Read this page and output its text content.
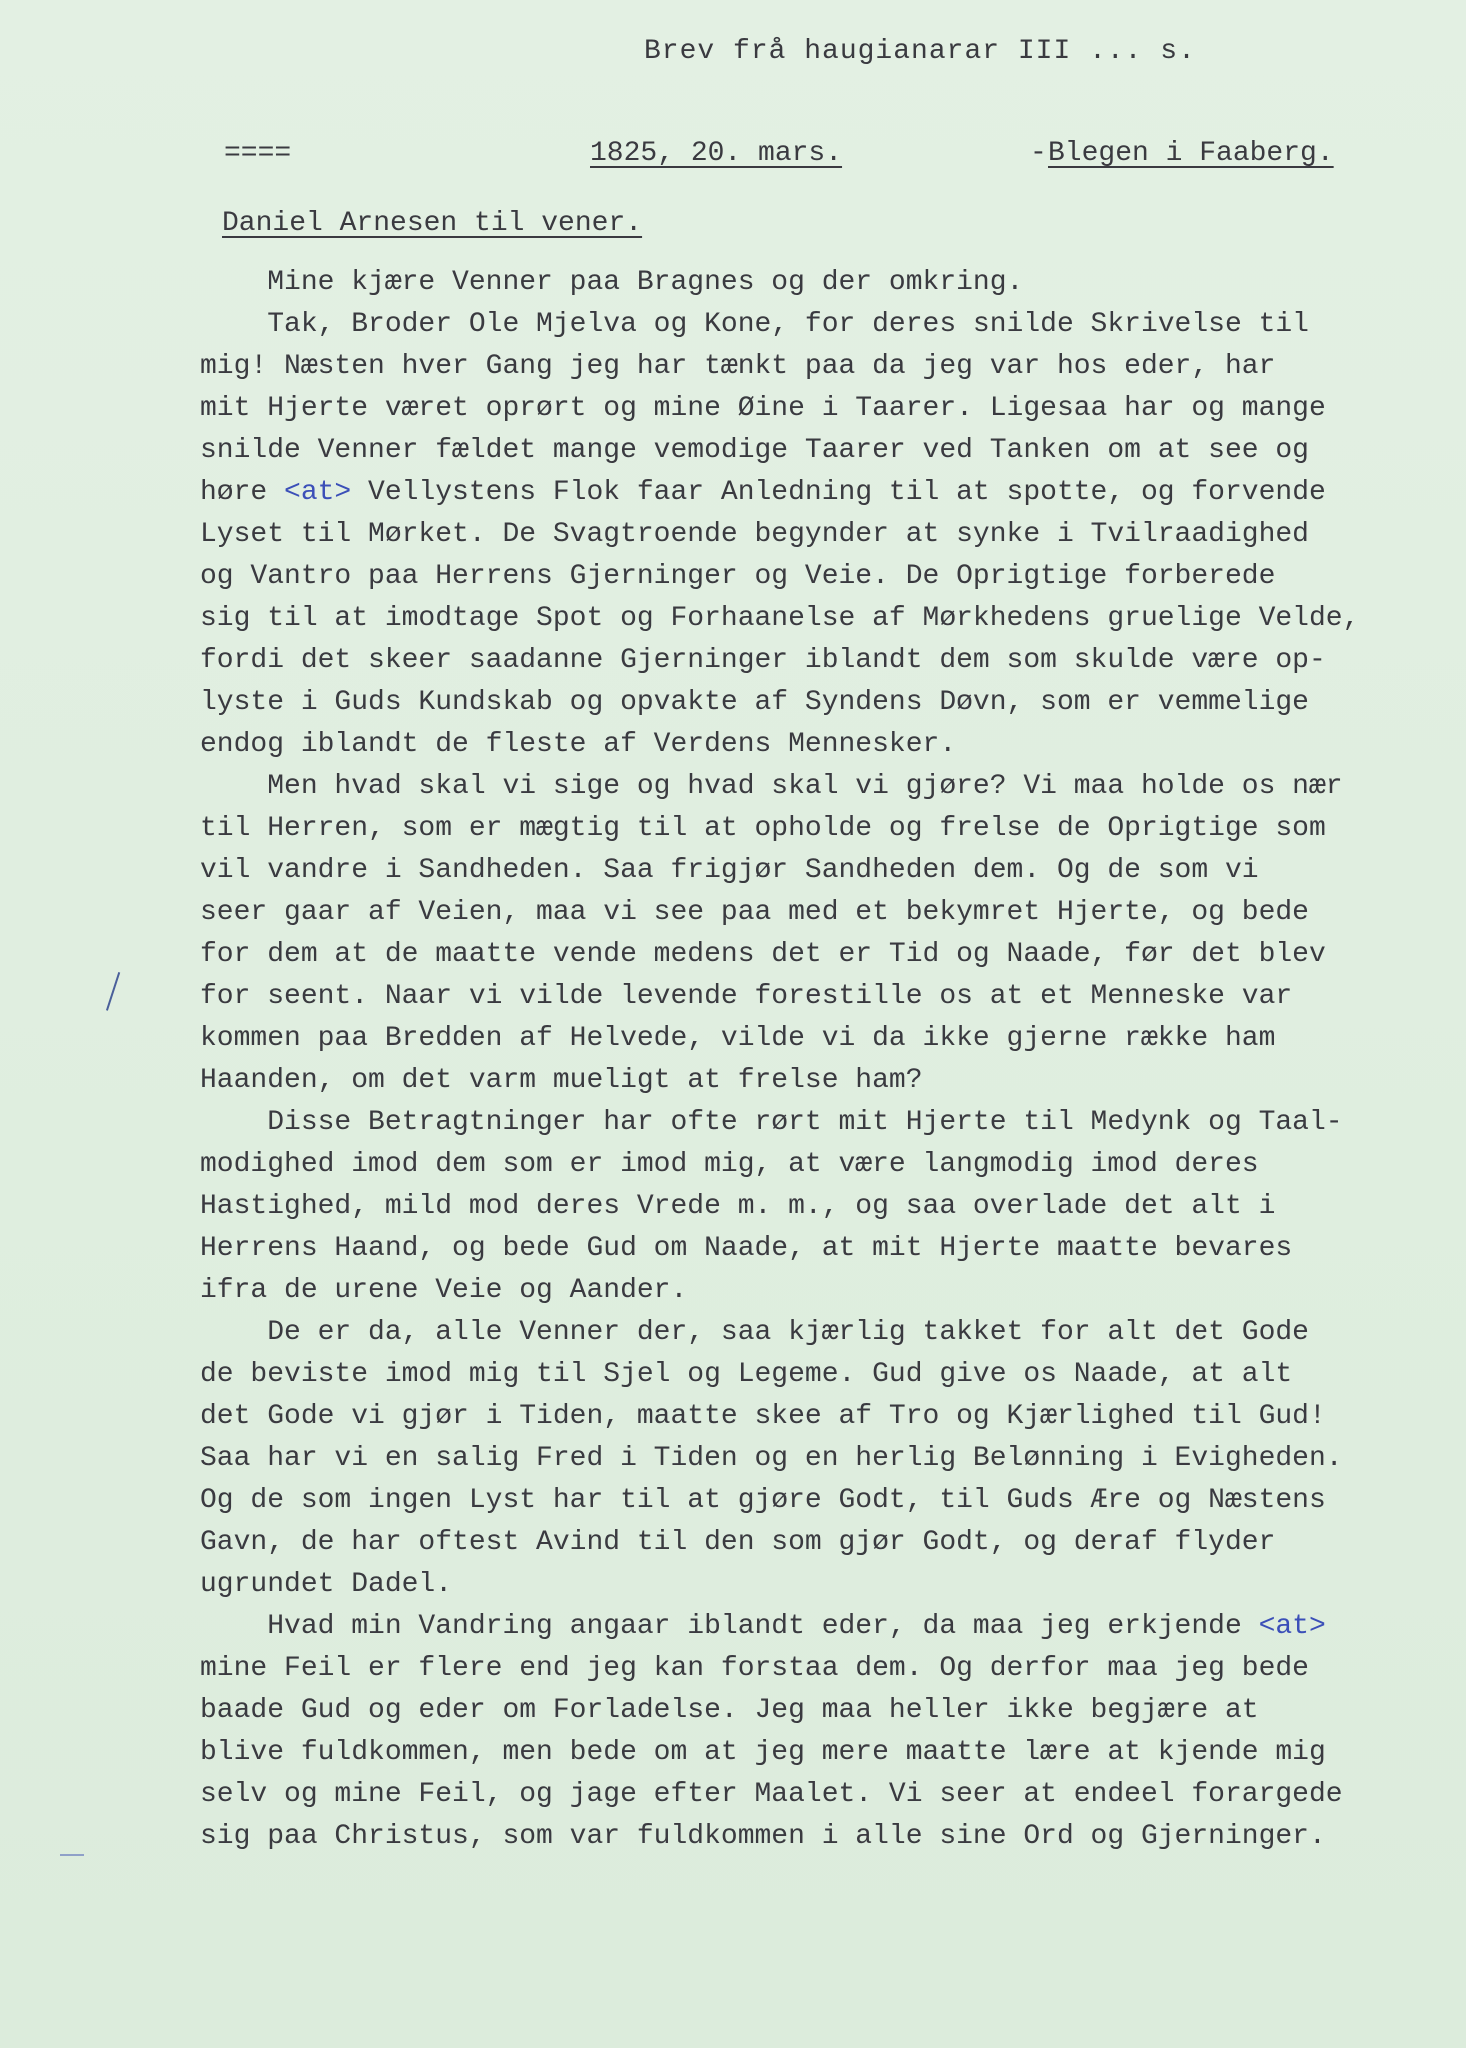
Brev frå haugianarar III ... s.
====	1825, 20. mars.	- Blegen i Faaberg.
Daniel Arnesen til vener.
Mine kjære Venner paa Bragnes og der omkring.
Tak, Broder Ole Mjelva og Kone, for deres snilde Skrivelse til
mig! Næsten hver Gang jeg har tænkt paa da jeg var hos eder, har
mit Hjerte været oprørt og mine Øine i Taarer. Ligesaa har og mange
snilde Venner fældet mange vemodige Taarer ved Tanken om at see og
høre <at> Vellystens Flok faar Anledning til at spotte, og forvende
Lyset til Mørket. De Svagtroende begynder at synke i Tvilraadighed
og Vantro paa Herrens Gjerninger og Veie. De Oprigtige forberede
sig til at imodtage Spot og Forhaanelse af Mørkhedens gruelige Velde,
fordi det skeer saadanne Gjerninger iblandt dem som skulde være op-
lyste i Guds Kundskab og opvakte af Syndens Døvn, som er vemmelige
endog iblandt de fleste af Verdens Mennesker.
Men hvad skal vi sige og hvad skal vi gjøre? Vi maa holde os nær
til Herren, som er mægtig til at opholde og frelse de Oprigtige som
vil vandre i Sandheden. Saa frigjør Sandheden dem. Og de som vi
seer gaar af Veien, maa vi see paa med et bekymret Hjerte, og bede
for dem at de maatte vende medens det er Tid og Naade, før det blev
for seent. Naar vi vilde levende forestille os at et Menneske var
kommen paa Bredden af Helvede, vilde vi da ikke gjerne række ham
Haanden, om det varm mueligt at frelse ham?
Disse Betragtninger har ofte rørt mit Hjerte til Medynk og Taal-
modighed imod dem som er imod mig, at være langmodig imod deres
Hastighed, mild mod deres Vrede m. m., og saa overlade det alt i
Herrens Haand, og bede Gud om Naade, at mit Hjerte maatte bevares
ifra de urene Veie og Aander.
De er da, alle Venner der, saa kjærlig takket for alt det Gode
de beviste imod mig til Sjel og Legeme. Gud give os Naade, at alt
det Gode vi gjør i Tiden, maatte skee af Tro og Kjærlighed til Gud!
Saa har vi en salig Fred i Tiden og en herlig Belønning i Evigheden.
Og de som ingen Lyst har til at gjøre Godt, til Guds Ære og Næstens
Gavn, de har oftest Avind til den som gjør Godt, og deraf flyder
ugrundet Dadel.
Hvad min Vandring angaar iblandt eder, da maa jeg erkjende <at>
mine Feil er flere end jeg kan forstaa dem. Og derfor maa jeg bede
baade Gud og eder om Forladelse. Jeg maa heller ikke begjære at
blive fuldkommen, men bede om at jeg mere maatte lære at kjende mig
selv og mine Feil, og jage efter Maalet. Vi seer at endeel forargede
sig paa Christus, som var fuldkommen i alle sine Ord og Gjerninger.
